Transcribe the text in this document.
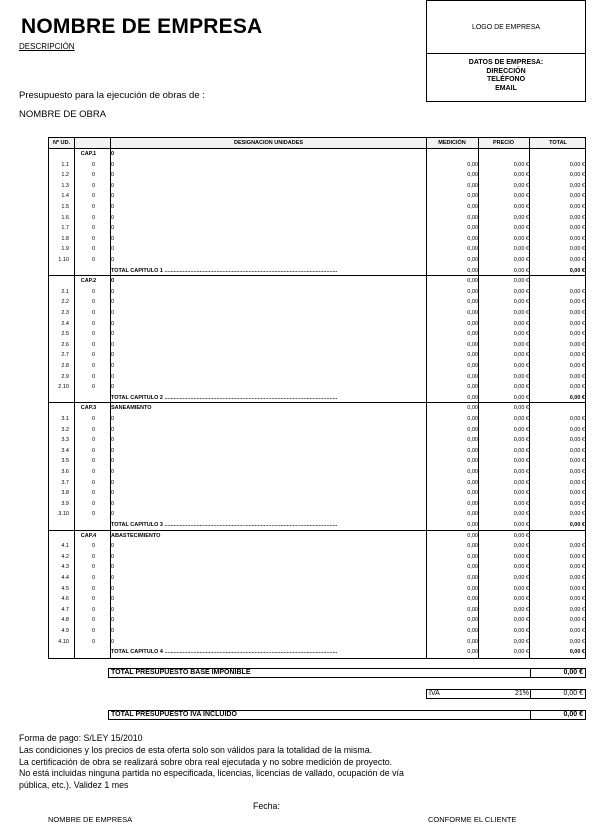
NOMBRE DE EMPRESA
DESCRIPCIÓN
LOGO DE EMPRESA
DATOS DE EMPRESA:
DIRECCIÓN
TELÉFONO
EMAIL
Presupuesto para la ejecución de obras de :
NOMBRE DE OBRA
Nº UD.	DESIGNACION UNIDADES	MEDICIÓN	PRECIO	TOTAL
CAP.1	0
1.1	0	0	0,00	0,00 €	0,00 €
1.2	0	0	0,00	0,00 €	0,00 €
1.3	0	0	0,00	0,00 €	0,00 €
1.4	0	0	0,00	0,00 €	0,00 €
1.5	0	0	0,00	0,00 €	0,00 €
1.6	0	0	0,00	0,00 €	0,00 €
1.7	0	0	0,00	0,00 €	0,00 €
1.8	0	0	0,00	0,00 €	0,00 €
1.9	0	0	0,00	0,00 €	0,00 €
1.10	0	0	0,00	0,00 €	0,00 €
TOTAL CAPITULO 1 .................................................................................................................	0,00	0,00 €	0,00 €
CAP.2	0	0,00	0,00 €
2.1	0	0	0,00	0,00 €	0,00 €
2.2	0	0	0,00	0,00 €	0,00 €
2.3	0	0	0,00	0,00 €	0,00 €
2.4	0	0	0,00	0,00 €	0,00 €
2.5	0	0	0,00	0,00 €	0,00 €
2.6	0	0	0,00	0,00 €	0,00 €
2.7	0	0	0,00	0,00 €	0,00 €
2.8	0	0	0,00	0,00 €	0,00 €
2.9	0	0	0,00	0,00 €	0,00 €
2.10	0	0	0,00	0,00 €	0,00 €
TOTAL CAPITULO 2 .................................................................................................................	0,00	0,00 €	0,00 €
CAP.3	SANEAMIENTO	0,00	0,00 €
3.1	0	0	0,00	0,00 €	0,00 €
3.2	0	0	0,00	0,00 €	0,00 €
3.3	0	0	0,00	0,00 €	0,00 €
3.4	0	0	0,00	0,00 €	0,00 €
3.5	0	0	0,00	0,00 €	0,00 €
3.6	0	0	0,00	0,00 €	0,00 €
3.7	0	0	0,00	0,00 €	0,00 €
3.8	0	0	0,00	0,00 €	0,00 €
3.9	0	0	0,00	0,00 €	0,00 €
3.10	0	0	0,00	0,00 €	0,00 €
TOTAL CAPITULO 3 .................................................................................................................	0,00	0,00 €	0,00 €
CAP.4	ABASTECIMIENTO	0,00	0,00 €
4.1	0	0	0,00	0,00 €	0,00 €
4.2	0	0	0,00	0,00 €	0,00 €
4.3	0	0	0,00	0,00 €	0,00 €
4.4	0	0	0,00	0,00 €	0,00 €
4.5	0	0	0,00	0,00 €	0,00 €
4.6	0	0	0,00	0,00 €	0,00 €
4.7	0	0	0,00	0,00 €	0,00 €
4.8	0	0	0,00	0,00 €	0,00 €
4.9	0	0	0,00	0,00 €	0,00 €
4.10	0	0	0,00	0,00 €	0,00 €
TOTAL CAPITULO 4 .................................................................................................................	0,00	0,00 €	0,00 €
TOTAL PRESUPUESTO BASE IMPONIBLE	0,00 €
IVA	21%	0,00 €
TOTAL PRESUPUESTO IVA INCLUIDO	0,00 €
Forma de pago: S/LEY 15/2010
Las condiciones y los precios de esta oferta solo son válidos para la totalidad de la misma.
La certificación de obra se realizará sobre obra real ejecutada y no sobre medición de proyecto.
No está incluidas ninguna partida no especificada, licencias, licencias de vallado, ocupación de vía
pública, etc.). Validez 1 mes
Fecha:
NOMBRE DE EMPRESA	CONFORME EL CLIENTE
